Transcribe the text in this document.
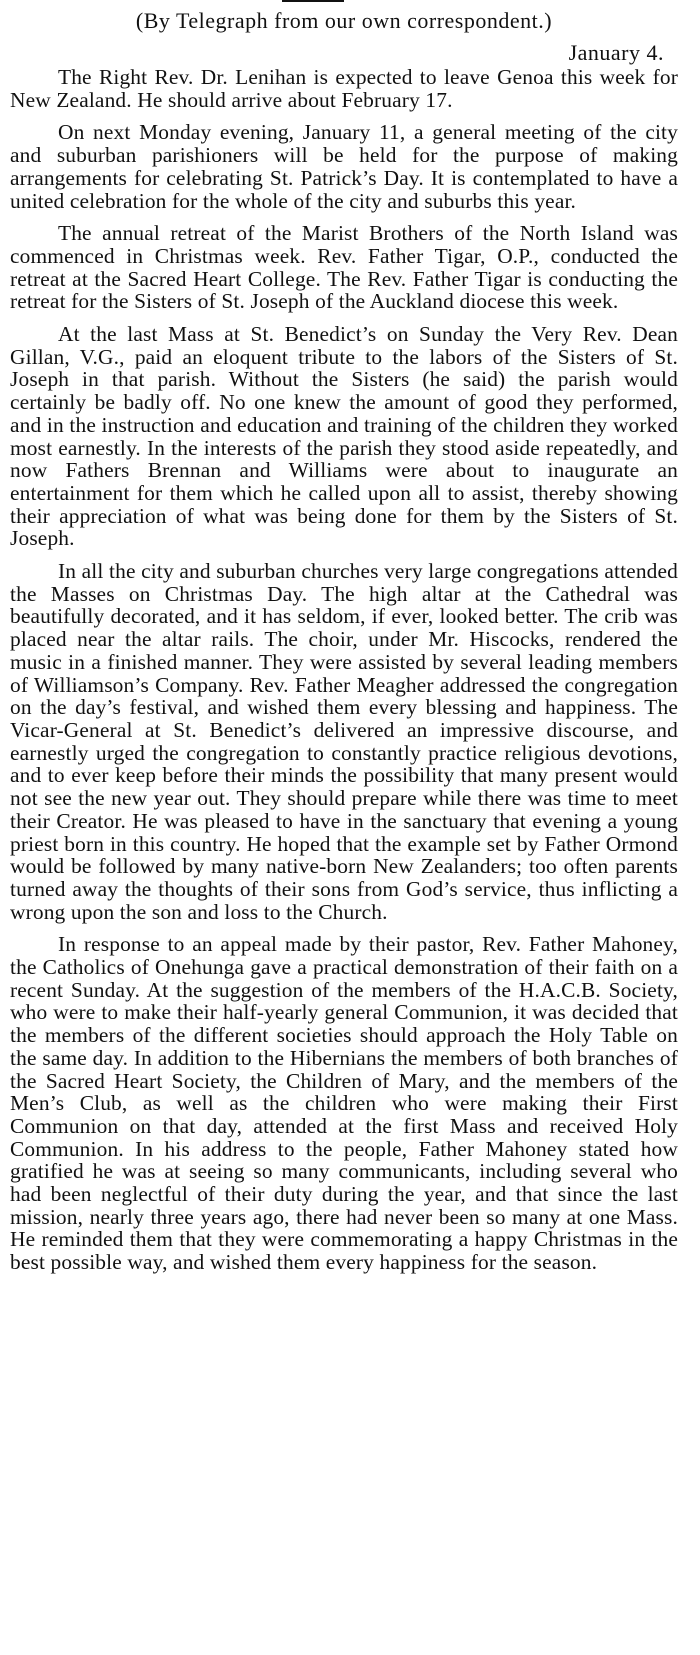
(By Telegraph from our own correspondent.)
January 4.

The Right Rev. Dr. Lenihan is expected to leave Genoa this week for New Zealand. He should arrive about February 17.

On next Monday evening, January 11, a general meeting of the city and suburban parishioners will be held for the purpose of making arrangements for celebrating St. Patrick’s Day. It is contemplated to have a united celebration for the whole of the city and suburbs this year.

The annual retreat of the Marist Brothers of the North Island was commenced in Christmas week. Rev. Father Tigar, O.P., conducted the retreat at the Sacred Heart College. The Rev. Father Tigar is conducting the retreat for the Sisters of St. Joseph of the Auckland diocese this week.

At the last Mass at St. Benedict’s on Sunday the Very Rev. Dean Gillan, V.G., paid an eloquent tribute to the labors of the Sisters of St. Joseph in that parish. Without the Sisters (he said) the parish would certainly be badly off. No one knew the amount of good they performed, and in the instruction and education and training of the children they worked most earnestly. In the interests of the parish they stood aside repeatedly, and now Fathers Brennan and Williams were about to inaugurate an entertainment for them which he called upon all to assist, thereby showing their appreciation of what was being done for them by the Sisters of St. Joseph.

In all the city and suburban churches very large congregations attended the Masses on Christmas Day. The high altar at the Cathedral was beautifully decorated, and it has seldom, if ever, looked better. The crib was placed near the altar rails. The choir, under Mr. Hiscocks, rendered the music in a finished manner. They were assisted by several leading members of Williamson’s Company. Rev. Father Meagher addressed the congregation on the day’s festival, and wished them every blessing and happiness. The Vicar-General at St. Benedict’s delivered an impressive discourse, and earnestly urged the congregation to constantly practice religious devotions, and to ever keep before their minds the possibility that many present would not see the new year out. They should prepare while there was time to meet their Creator. He was pleased to have in the sanctuary that evening a young priest born in this country. He hoped that the example set by Father Ormond would be followed by many native-born New Zealanders; too often parents turned away the thoughts of their sons from God’s service, thus inflicting a wrong upon the son and loss to the Church.

In response to an appeal made by their pastor, Rev. Father Mahoney, the Catholics of Onehunga gave a practical demonstration of their faith on a recent Sunday. At the suggestion of the members of the H.A.C.B. Society, who were to make their half-yearly general Communion, it was decided that the members of the different societies should approach the Holy Table on the same day. In addition to the Hibernians the members of both branches of the Sacred Heart Society, the Children of Mary, and the members of the Men’s Club, as well as the children who were making their First Communion on that day, attended at the first Mass and received Holy Communion. In his address to the people, Father Mahoney stated how gratified he was at seeing so many communicants, including several who had been neglectful of their duty during the year, and that since the last mission, nearly three years ago, there had never been so many at one Mass. He reminded them that they were commemorating a happy Christmas in the best possible way, and wished them every happiness for the season.
